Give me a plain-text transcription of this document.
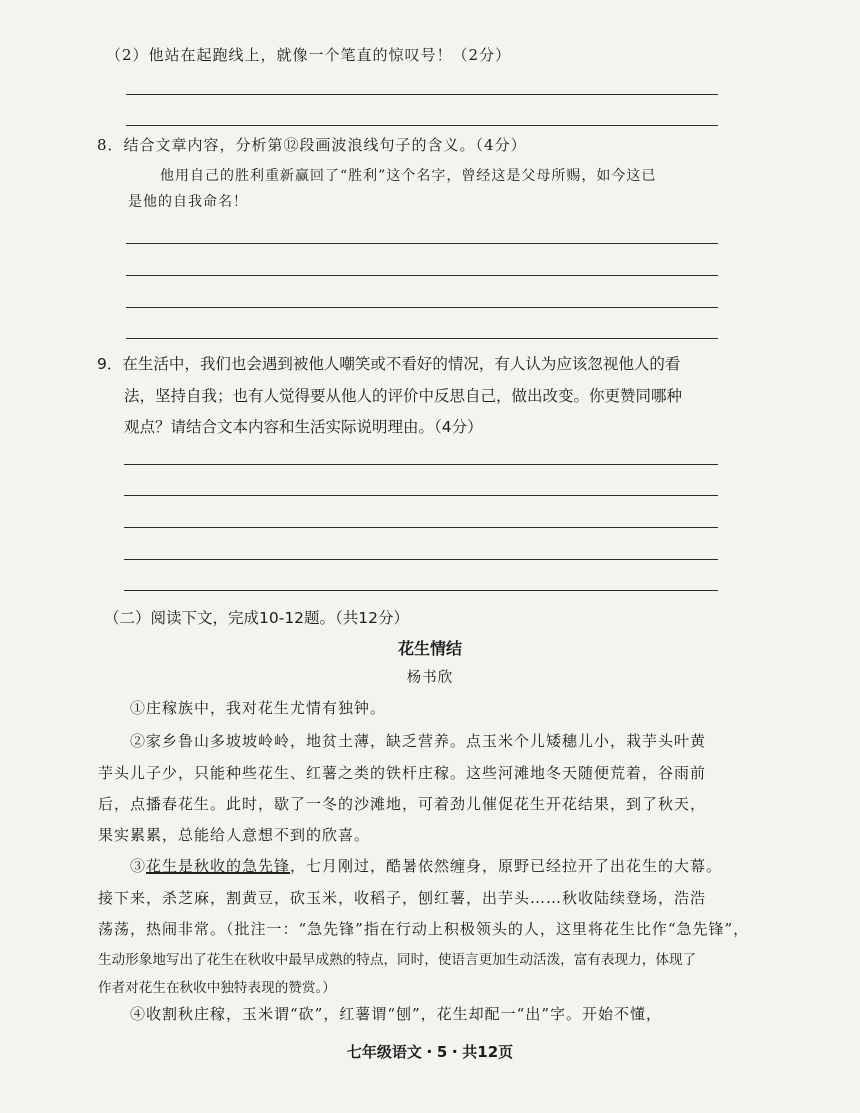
（2）他站在起跑线上，就像一个笔直的惊叹号！（2分）
8．结合文章内容，分析第⑫段画波浪线句子的含义。（4分）
他用自己的胜利重新赢回了“胜利”这个名字，曾经这是父母所赐，如今这已
是他的自我命名！
9．在生活中，我们也会遇到被他人嘲笑或不看好的情况，有人认为应该忽视他人的看
法，坚持自我；也有人觉得要从他人的评价中反思自己，做出改变。你更赞同哪种
观点？请结合文本内容和生活实际说明理由。（4分）
（二）阅读下文，完成10-12题。（共12分）
花生情结
杨书欣
①庄稼族中，我对花生尤情有独钟。
②家乡鲁山多坡坡岭岭，地贫土薄，缺乏营养。点玉米个儿矮穗儿小，栽芋头叶黄
芋头儿子少，只能种些花生、红薯之类的铁杆庄稼。这些河滩地冬天随便荒着，谷雨前
后，点播春花生。此时，歇了一冬的沙滩地，可着劲儿催促花生开花结果，到了秋天，
果实累累，总能给人意想不到的欣喜。
③花生是秋收的急先锋，七月刚过，酷暑依然缠身，原野已经拉开了出花生的大幕。
接下来，杀芝麻，割黄豆，砍玉米，收稻子，刨红薯，出芋头……秋收陆续登场，浩浩
荡荡，热闹非常。（批注一：“急先锋”指在行动上积极领头的人，这里将花生比作“急先锋”，
生动形象地写出了花生在秋收中最早成熟的特点，同时，使语言更加生动活泼，富有表现力，体现了
作者对花生在秋收中独特表现的赞赏。）
④收割秋庄稼，玉米谓“砍”，红薯谓“刨”，花生却配一“出”字。开始不懂，
七年级语文・5・共12页
